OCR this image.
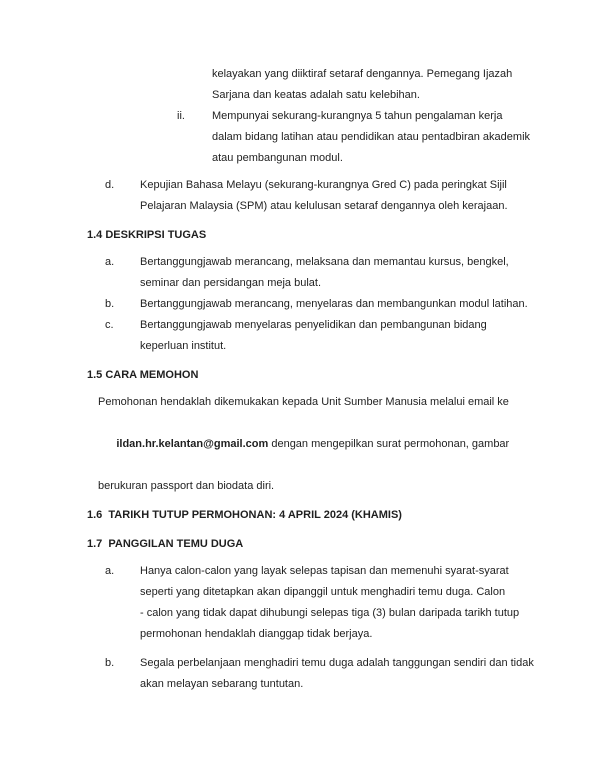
kelayakan yang diiktiraf setaraf dengannya. Pemegang Ijazah
Sarjana dan keatas adalah satu kelebihan.
ii. Mempunyai sekurang-kurangnya 5 tahun pengalaman kerja
dalam bidang latihan atau pendidikan atau pentadbiran akademik
atau pembangunan modul.
d. Kepujian Bahasa Melayu (sekurang-kurangnya Gred C) pada peringkat Sijil
Pelajaran Malaysia (SPM) atau kelulusan setaraf dengannya oleh kerajaan.
1.4 DESKRIPSI TUGAS
a. Bertanggungjawab merancang, melaksana dan memantau kursus, bengkel,
seminar dan persidangan meja bulat.
b. Bertanggungjawab merancang, menyelaras dan membangunkan modul latihan.
c. Bertanggungjawab menyelaras penyelidikan dan pembangunan bidang
keperluan institut.
1.5 CARA MEMOHON
Pemohonan hendaklah dikemukakan kepada Unit Sumber Manusia melalui email ke

ildan.hr.kelantan@gmail.com dengan mengepilkan surat permohonan, gambar

berukuran passport dan biodata diri.
1.6  TARIKH TUTUP PERMOHONAN: 4 APRIL 2024 (KHAMIS)
1.7  PANGGILAN TEMU DUGA
a. Hanya calon-calon yang layak selepas tapisan dan memenuhi syarat-syarat
seperti yang ditetapkan akan dipanggil untuk menghadiri temu duga. Calon
- calon yang tidak dapat dihubungi selepas tiga (3) bulan daripada tarikh tutup
permohonan hendaklah dianggap tidak berjaya.
b. Segala perbelanjaan menghadiri temu duga adalah tanggungan sendiri dan tidak
akan melayan sebarang tuntutan.
